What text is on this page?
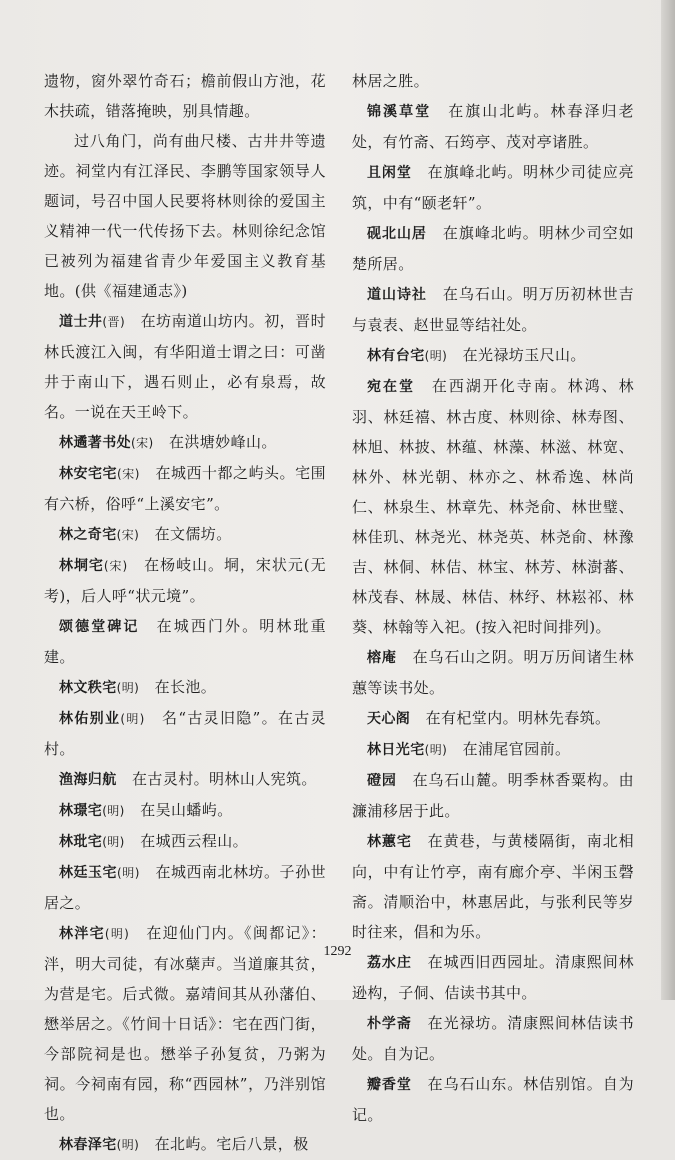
遗物，窗外翠竹奇石；檐前假山方池，花木扶疏，错落掩映，别具情趣。

过八角门，尚有曲尺楼、古井井等遗迹。祠堂内有江泽民、李鹏等国家领导人题词，号召中国人民要将林则徐的爱国主义精神一代一代传扬下去。林则徐纪念馆已被列为福建省青少年爱国主义教育基地。(供《福建通志》)

道士井(晋)　 在坊南道山坊内。初，晋时林氏渡江入闽，有华阳道士谓之曰：可凿井于南山下，遇石则止，必有泉焉，故名。一说在天王岭下。

林遹著书处(宋)　 在洪塘妙峰山。

林安宅宅(宋)　 在城西十都之屿头。宅围有六桥，俗呼“上溪安宅”。

林之奇宅(宋)　 在文儒坊。

林垌宅(宋)　 在杨岐山。垌，宋状元(无考)，后人呼“状元境”。

颂德堂碑记　 在城西门外。明林玭重建。

林文秩宅(明)　 在长池。

林佑别业(明)　 名“古灵旧隐”。在古灵村。

渔海归航　 在古灵村。明林山人宪筑。

林璟宅(明)　 在吴山蟠屿。

林玭宅(明)　 在城西云程山。

林廷玉宅(明)　 在城西南北林坊。子孙世居之。

林泮宅(明)　 在迎仙门内。《闽都记》：泮，明大司徒，有冰蘖声。当道廉其贫，为营是宅。后式微。嘉靖间其从孙藩伯、懋举居之。《竹间十日话》：宅在西门街，今部院祠是也。懋举子孙复贫，乃粥为祠。今祠南有园，称“西园林”，乃泮别馆也。

林春泽宅(明)　 在北屿。宅后八景，极

林居之胜。

锦溪草堂　 在旗山北屿。林春泽归老处，有竹斋、石筠亭、茂对亭诸胜。

且闲堂　 在旗峰北屿。明林少司徒应亮筑，中有“颐老轩”。

砚北山居　 在旗峰北屿。明林少司空如楚所居。

道山诗社　 在乌石山。明万历初林世吉与袁表、赵世显等结社处。

林有台宅(明)　 在光禄坊玉尺山。

宛在堂　 在西湖开化寺南。林鸿、林羽、林廷禧、林古度、林则徐、林寿图、林旭、林披、林蕴、林藻、林滋、林宽、林外、林光朝、林亦之、林希逸、林尚仁、林泉生、林章先、林尧俞、林世璧、林佳玑、林尧光、林尧英、林尧俞、林豫吉、林侗、林佶、林宝、林芳、林澍蕃、林茂春、林晟、林佶、林纾、林崧祁、林葵、林翰等入祀。(按入祀时间排列)。

榕庵　 在乌石山之阴。明万历间诸生林蕙等读书处。

天心阁　 在有杞堂内。明林先春筑。

林日光宅(明)　 在浦尾官园前。

磴园　 在乌石山麓。明季林香粟构。由濂浦移居于此。

林蕙宅　 在黄巷，与黄楼隔街，南北相向，中有让竹亭，南有廊介亭、半闲玉磬斋。清顺治中，林惠居此，与张利民等岁时往来，倡和为乐。

荔水庄　 在城西旧西园址。清康熙间林逊构，子侗、佶读书其中。

朴学斋　 在光禄坊。清康熙间林佶读书处。自为记。

瓣香堂　 在乌石山东。林佶别馆。自为记。

1292
